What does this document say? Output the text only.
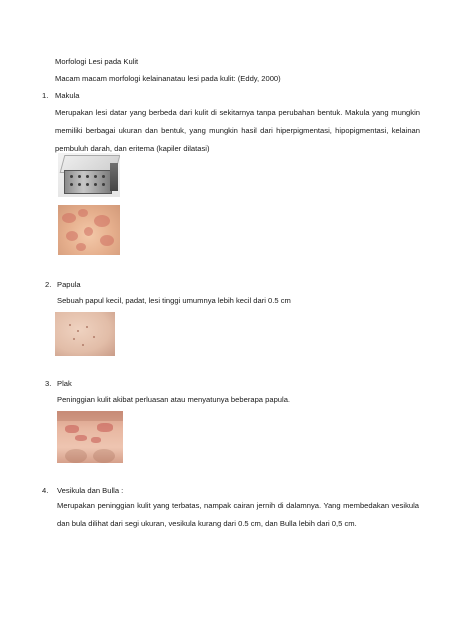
Morfologi Lesi pada Kulit
Macam macam morfologi kelainanatau lesi pada kulit: (Eddy, 2000)
1. Makula
Merupakan lesi datar yang berbeda dari kulit di sekitarnya tanpa perubahan bentuk. Makula yang mungkin memiliki berbagai ukuran dan bentuk, yang mungkin hasil dari hiperpigmentasi, hipopigmentasi, kelainan pembuluh darah, dan eritema (kapiler dilatasi)
2. Papula
Sebuah papul kecil, padat, lesi tinggi umumnya lebih kecil dari 0.5 cm
3. Plak
Peninggian kulit akibat perluasan atau menyatunya beberapa papula.
4. Vesikula dan Bulla :
Merupakan peninggian kulit yang terbatas, nampak cairan jernih di dalamnya. Yang membedakan vesikula dan bula dilihat dari segi ukuran, vesikula kurang dari 0.5 cm, dan Bulla lebih dari 0,5 cm.
